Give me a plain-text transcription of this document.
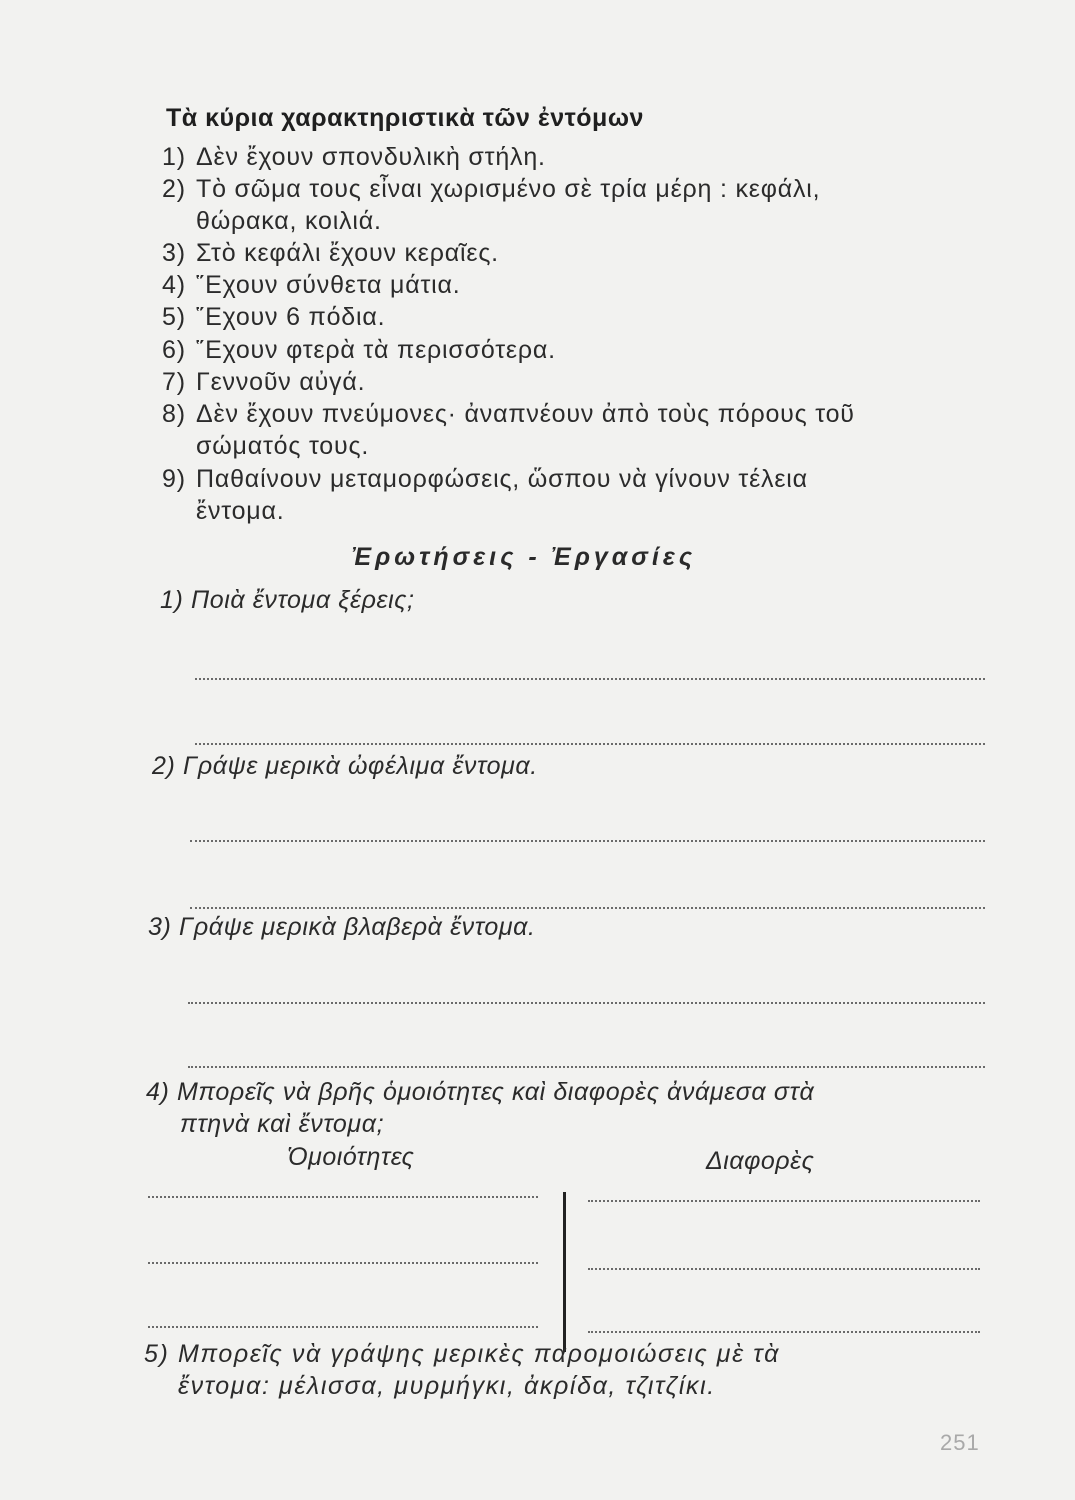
Τὰ κύρια χαρακτηριστικὰ τῶν ἐντόμων
1) Δὲν ἔχουν σπονδυλικὴ στήλη.
2) Τὸ σῶμα τους εἶναι χωρισμένο σὲ τρία μέρη : κεφάλι,
θώρακα, κοιλιά.
3) Στὸ κεφάλι ἔχουν κεραῖες.
4) ῞Εχουν σύνθετα μάτια.
5) ῞Εχουν 6 πόδια.
6) ῞Εχουν φτερὰ τὰ περισσότερα.
7) Γεννοῦν αὐγά.
8) Δὲν ἔχουν πνεύμονες· ἀναπνέουν ἀπὸ τοὺς πόρους τοῦ
σώματός τους.
9) Παθαίνουν μεταμορφώσεις, ὥσπου νὰ γίνουν τέλεια
ἔντομα.
Ἐρωτήσεις - Ἐργασίες
1) Ποιὰ ἔντομα ξέρεις;
2) Γράψε μερικὰ ὠφέλιμα ἔντομα.
3) Γράψε μερικὰ βλαβερὰ ἔντομα.
4) Μπορεῖς νὰ βρῆς ὁμοιότητες καὶ διαφορὲς ἀνάμεσα στὰ
πτηνὰ καὶ ἔντομα;
Ὁμοιότητες	Διαφορὲς
5) Μπορεῖς νὰ γράψης μερικὲς παρομοιώσεις μὲ τὰ
ἔντομα: μέλισσα, μυρμήγκι, ἀκρίδα, τζιτζίκι.
251
